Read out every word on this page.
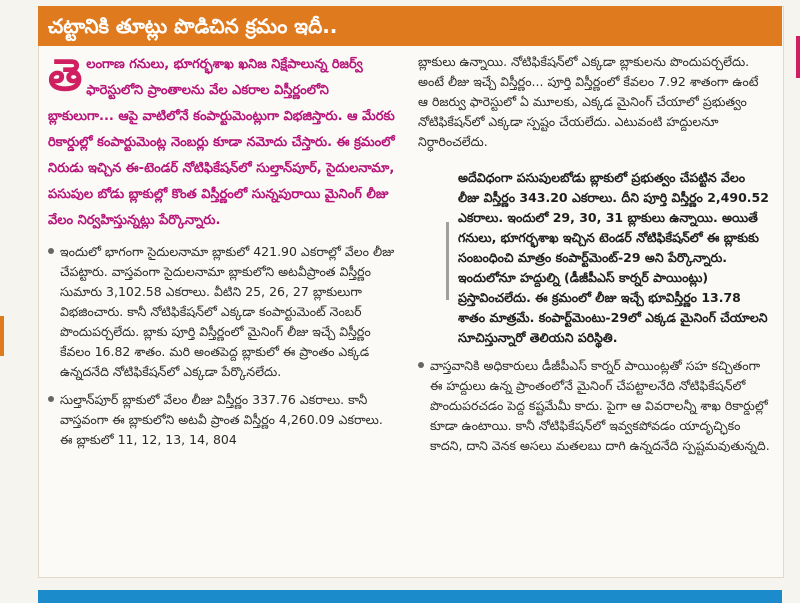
చట్టానికి తూట్లు పొడిచిన క్రమం ఇదీ..
తె లంగాణ గనులు, భూగర్భశాఖ ఖనిజ నిక్షేపాలున్న రిజర్వ్ ఫారెస్టులోని ప్రాంతాలను వేల ఎకరాల విస్తీర్ణంలోని బ్లాకులుగా... ఆపై వాటిలోనే కంపార్టుమెంట్లుగా విభజిస్తారు. ఆ మేరకు రికార్డుల్లో కంపార్టుమెంట్ల నెంబర్లు కూడా నమోదు చేస్తారు. ఈ క్రమంలో నిరుడు ఇచ్చిన ఈ-టెండర్ నోటిఫికేషన్‌లో సుల్తాన్‌పూర్, సైదులనామా, పసుపుల బోడు బ్లాకుల్లో కొంత విస్తీర్ణంలో సున్నపురాయి మైనింగ్ లీజు వేలం నిర్వహిస్తున్నట్లు పేర్కొన్నారు.
ఇందులో భాగంగా సైదులనామా బ్లాకులో 421.90 ఎకరాల్లో వేలం లీజు చేపట్టారు. వాస్తవంగా సైదులనామా బ్లాకులోని అటవీప్రాంత విస్తీర్ణం సుమారు 3,102.58 ఎకరాలు. వీటిని 25, 26, 27 బ్లాకులుగా విభజించారు. కానీ నోటిఫికేషన్‌లో ఎక్కడా కంపార్టుమెంట్ నెంబర్ పొందుపర్చలేదు. బ్లాకు పూర్తి విస్తీర్ణంలో మైనింగ్ లీజు ఇచ్చే విస్తీర్ణం కేవలం 16.82 శాతం. మరి అంతపెద్ద బ్లాకులో ఈ ప్రాంతం ఎక్కడ ఉన్నదనేది నోటిఫికేషన్‌లో ఎక్కడా పేర్కొనలేదు.
సుల్తాన్‌పూర్ బ్లాకులో వేలం లీజు విస్తీర్ణం 337.76 ఎకరాలు. కానీ వాస్తవంగా ఈ బ్లాకులోని అటవీ ప్రాంత విస్తీర్ణం 4,260.09 ఎకరాలు. ఈ బ్లాకులో 11, 12, 13, 14, 804
బ్లాకులు ఉన్నాయి. నోటిఫికేషన్‌లో ఎక్కడా బ్లాకులను పొందుపర్చలేదు. అంటే లీజు ఇచ్చే విస్తీర్ణం... పూర్తి విస్తీర్ణంలో కేవలం 7.92 శాతంగా ఉంటే ఆ రిజర్వు ఫారెస్టులో ఏ మూలకు, ఎక్కడ మైనింగ్ చేయాలో ప్రభుత్వం నోటిఫికేషన్‌లో ఎక్కడా స్పష్టం చేయలేదు. ఎటువంటి హద్దులనూ నిర్ధారించలేదు.
అదేవిధంగా పసుపులబోడు బ్లాకులో ప్రభుత్వం చేపట్టిన వేలం లీజు విస్తీర్ణం 343.20 ఎకరాలు. దీని పూర్తి విస్తీర్ణం 2,490.52 ఎకరాలు. ఇందులో 29, 30, 31 బ్లాకులు ఉన్నాయి. అయితే గనులు, భూగర్భశాఖ ఇచ్చిన టెండర్ నోటిఫికేషన్‌లో ఈ బ్లాకుకు సంబంధించి మాత్రం కంపార్ట్‌మెంట్-29 అని పేర్కొన్నారు. ఇందులోనూ హద్దుల్ని (డీజీపీఎస్ కార్నర్ పాయింట్లు) ప్రస్తావించలేదు. ఈ క్రమంలో లీజు ఇచ్చే భూవిస్తీర్ణం 13.78 శాతం మాత్రమే. కంపార్ట్‌మెంటు-29లో ఎక్కడ మైనింగ్ చేయాలని సూచిస్తున్నారో తెలియని పరిస్థితి.
వాస్తవానికి అధికారులు డీజీపీఎస్ కార్నర్ పాయింట్లతో సహ కచ్చితంగా ఈ హద్దులు ఉన్న ప్రాంతంలోనే మైనింగ్ చేపట్టాలనేది నోటిఫికేషన్‌లో పొందుపరచడం పెద్ద కష్టమేమీ కాదు. పైగా ఆ వివరాలన్నీ శాఖ రికార్డుల్లో కూడా ఉంటాయి. కానీ నోటిఫికేషన్‌లో ఇవ్వకపోవడం యాదృచ్ఛికం కాదని, దాని వెనక అసలు మతలబు దాగి ఉన్నదనేది స్పష్టమవుతున్నది.
